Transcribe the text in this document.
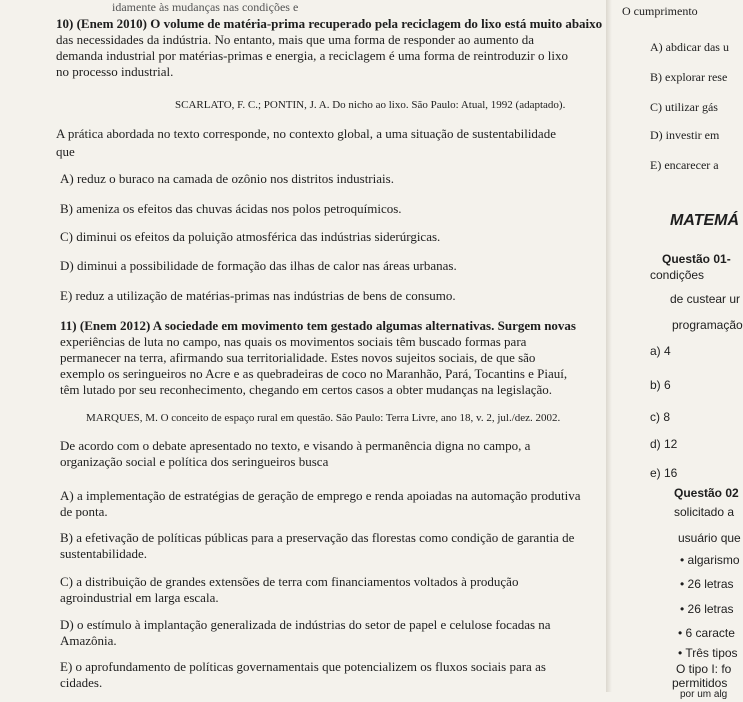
idamente às mudanças nas condições e
10) (Enem 2010) O volume de matéria-prima recuperado pela reciclagem do lixo está muito abaixo
das necessidades da indústria. No entanto, mais que uma forma de responder ao aumento da
demanda industrial por matérias-primas e energia, a reciclagem é uma forma de reintroduzir o lixo
no processo industrial.
SCARLATO, F. C.; PONTIN, J. A. Do nicho ao lixo. São Paulo: Atual, 1992 (adaptado).
A prática abordada no texto corresponde, no contexto global, a uma situação de sustentabilidade
que
A) reduz o buraco na camada de ozônio nos distritos industriais.
B) ameniza os efeitos das chuvas ácidas nos polos petroquímicos.
C) diminui os efeitos da poluição atmosférica das indústrias siderúrgicas.
D) diminui a possibilidade de formação das ilhas de calor nas áreas urbanas.
E) reduz a utilização de matérias-primas nas indústrias de bens de consumo.
11) (Enem 2012) A sociedade em movimento tem gestado algumas alternativas. Surgem novas
experiências de luta no campo, nas quais os movimentos sociais têm buscado formas para
permanecer na terra, afirmando sua territorialidade. Estes novos sujeitos sociais, de que são
exemplo os seringueiros no Acre e as quebradeiras de coco no Maranhão, Pará, Tocantins e Piauí,
têm lutado por seu reconhecimento, chegando em certos casos a obter mudanças na legislação.
MARQUES, M. O conceito de espaço rural em questão. São Paulo: Terra Livre, ano 18, v. 2, jul./dez. 2002.
De acordo com o debate apresentado no texto, e visando à permanência digna no campo, a
organização social e política dos seringueiros busca
A) a implementação de estratégias de geração de emprego e renda apoiadas na automação produtiva
de ponta.
B) a efetivação de políticas públicas para a preservação das florestas como condição de garantia de
sustentabilidade.
C) a distribuição de grandes extensões de terra com financiamentos voltados à produção
agroindustrial em larga escala.
D) o estímulo à implantação generalizada de indústrias do setor de papel e celulose focadas na
Amazônia.
E) o aprofundamento de políticas governamentais que potencializem os fluxos sociais para as
cidades.
O cumprimento
A) abdicar das u
B) explorar rese
C) utilizar gás
D) investir em
E) encarecer a
MATEMÁ
Questão 01-
condições
de custear ur
programação
a) 4
b) 6
c) 8
d) 12
e) 16
Questão 02
solicitado a
usuário que
• algarismo
• 26 letras
• 26 letras
• 6 caracte
• Três tipos
O tipo I: fo
permitidos
por um alg
